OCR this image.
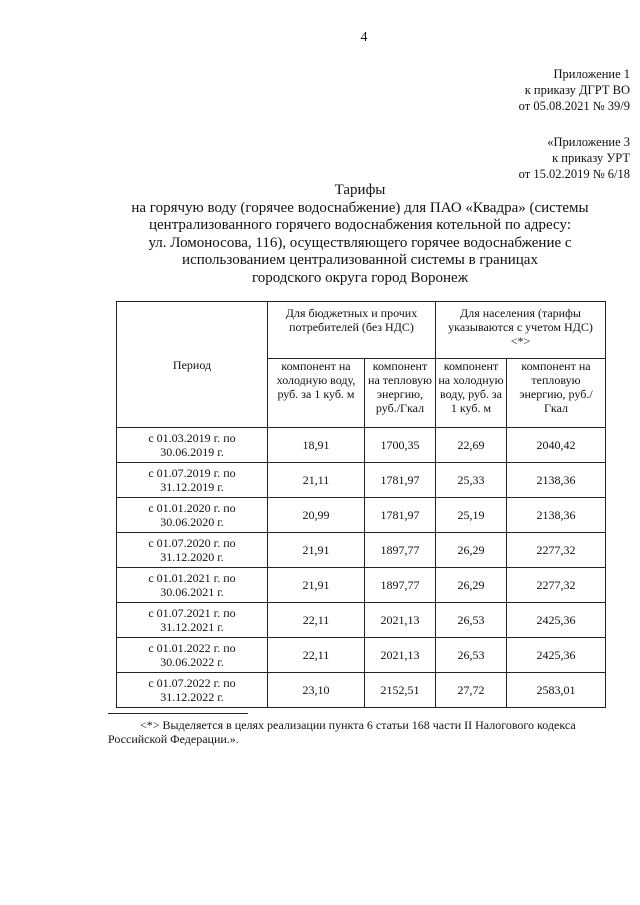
4
Приложение 1
к приказу ДГРТ ВО
от 05.08.2021 № 39/9
«Приложение 3
к приказу УРТ
от 15.02.2019 № 6/18
Тарифы
на горячую воду (горячее водоснабжение) для ПАО «Квадра» (системы
централизованного горячего водоснабжения котельной по адресу:
ул. Ломоносова, 116), осуществляющего горячее водоснабжение с
использованием централизованной системы в границах
городского округа город Воронеж
Период	Для бюджетных и прочих потребителей (без НДС)		Для населения (тарифы указываются с учетом НДС) <*>	
	компонент на холодную воду, руб. за 1 куб. м	компонент на тепловую энергию, руб./Гкал	компонент на холодную воду, руб. за 1 куб. м	компонент на тепловую энергию, руб./Гкал

с 01.03.2019 г. по
30.06.2019 г.	18,91	1700,35	22,69	2040,42

с 01.07.2019 г. по
31.12.2019 г.	21,11	1781,97	25,33	2138,36

с 01.01.2020 г. по
30.06.2020 г.	20,99	1781,97	25,19	2138,36

с 01.07.2020 г. по
31.12.2020 г.	21,91	1897,77	26,29	2277,32

с 01.01.2021 г. по
30.06.2021 г.	21,91	1897,77	26,29	2277,32

с 01.07.2021 г. по
31.12.2021 г.	22,11	2021,13	26,53	2425,36

с 01.01.2022 г. по
30.06.2022 г.	22,11	2021,13	26,53	2425,36

с 01.07.2022 г. по
31.12.2022 г.	23,10	2152,51	27,72	2583,01
<*> Выделяется в целях реализации пункта 6 статьи 168 части II Налогового кодекса
Российской Федерации.».
